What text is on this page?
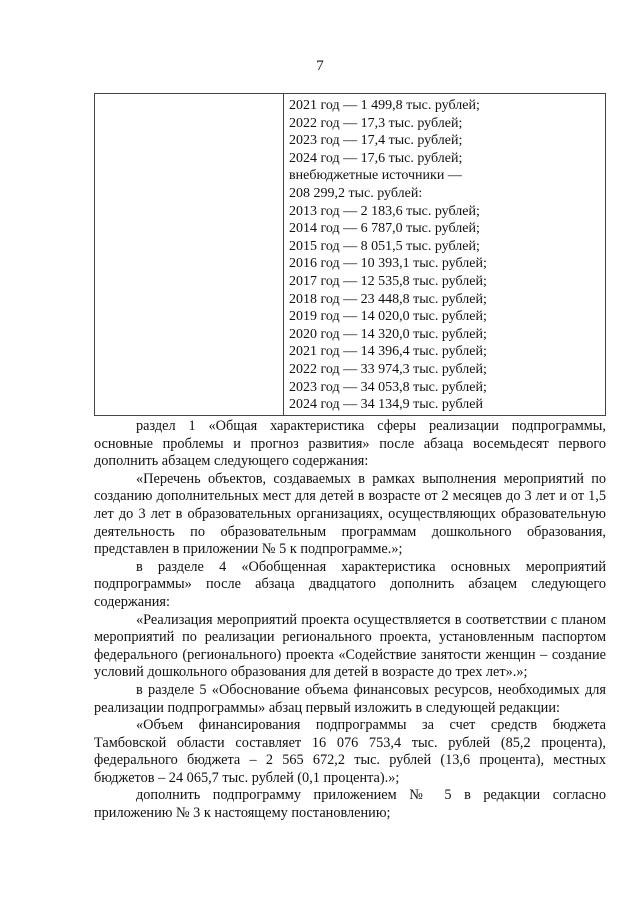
7
2021 год — 1 499,8 тыс. рублей;
2022 год — 17,3 тыс. рублей;
2023 год — 17,4 тыс. рублей;
2024 год — 17,6 тыс. рублей;
внебюджетные источники —
208 299,2 тыс. рублей:
2013 год — 2 183,6 тыс. рублей;
2014 год — 6 787,0 тыс. рублей;
2015 год — 8 051,5 тыс. рублей;
2016 год — 10 393,1 тыс. рублей;
2017 год — 12 535,8 тыс. рублей;
2018 год — 23 448,8 тыс. рублей;
2019 год — 14 020,0 тыс. рублей;
2020 год — 14 320,0 тыс. рублей;
2021 год — 14 396,4 тыс. рублей;
2022 год — 33 974,3 тыс. рублей;
2023 год — 34 053,8 тыс. рублей;
2024 год — 34 134,9 тыс. рублей

раздел 1 «Общая характеристика сферы реализации подпрограммы, основные проблемы и прогноз развития» после абзаца восемьдесят первого дополнить абзацем следующего содержания:

«Перечень объектов, создаваемых в рамках выполнения мероприятий по созданию дополнительных мест для детей в возрасте от 2 месяцев до 3 лет и от 1,5 лет до 3 лет в образовательных организациях, осуществляющих образовательную деятельность по образовательным программам дошкольного образования, представлен в приложении № 5 к подпрограмме.»;

в разделе 4 «Обобщенная характеристика основных мероприятий подпрограммы» после абзаца двадцатого дополнить абзацем следующего содержания:

«Реализация мероприятий проекта осуществляется в соответствии с планом мероприятий по реализации регионального проекта, установленным паспортом федерального (регионального) проекта «Содействие занятости женщин – создание условий дошкольного образования для детей в возрасте до трех лет».»;

в разделе 5 «Обоснование объема финансовых ресурсов, необходимых для реализации подпрограммы» абзац первый изложить в следующей редакции:

«Объем финансирования подпрограммы за счет средств бюджета Тамбовской области составляет 16 076 753,4 тыс. рублей (85,2 процента), федерального бюджета – 2 565 672,2 тыс. рублей (13,6 процента), местных бюджетов – 24 065,7 тыс. рублей (0,1 процента).»;

дополнить подпрограмму приложением № 5 в редакции согласно приложению № 3 к настоящему постановлению;
